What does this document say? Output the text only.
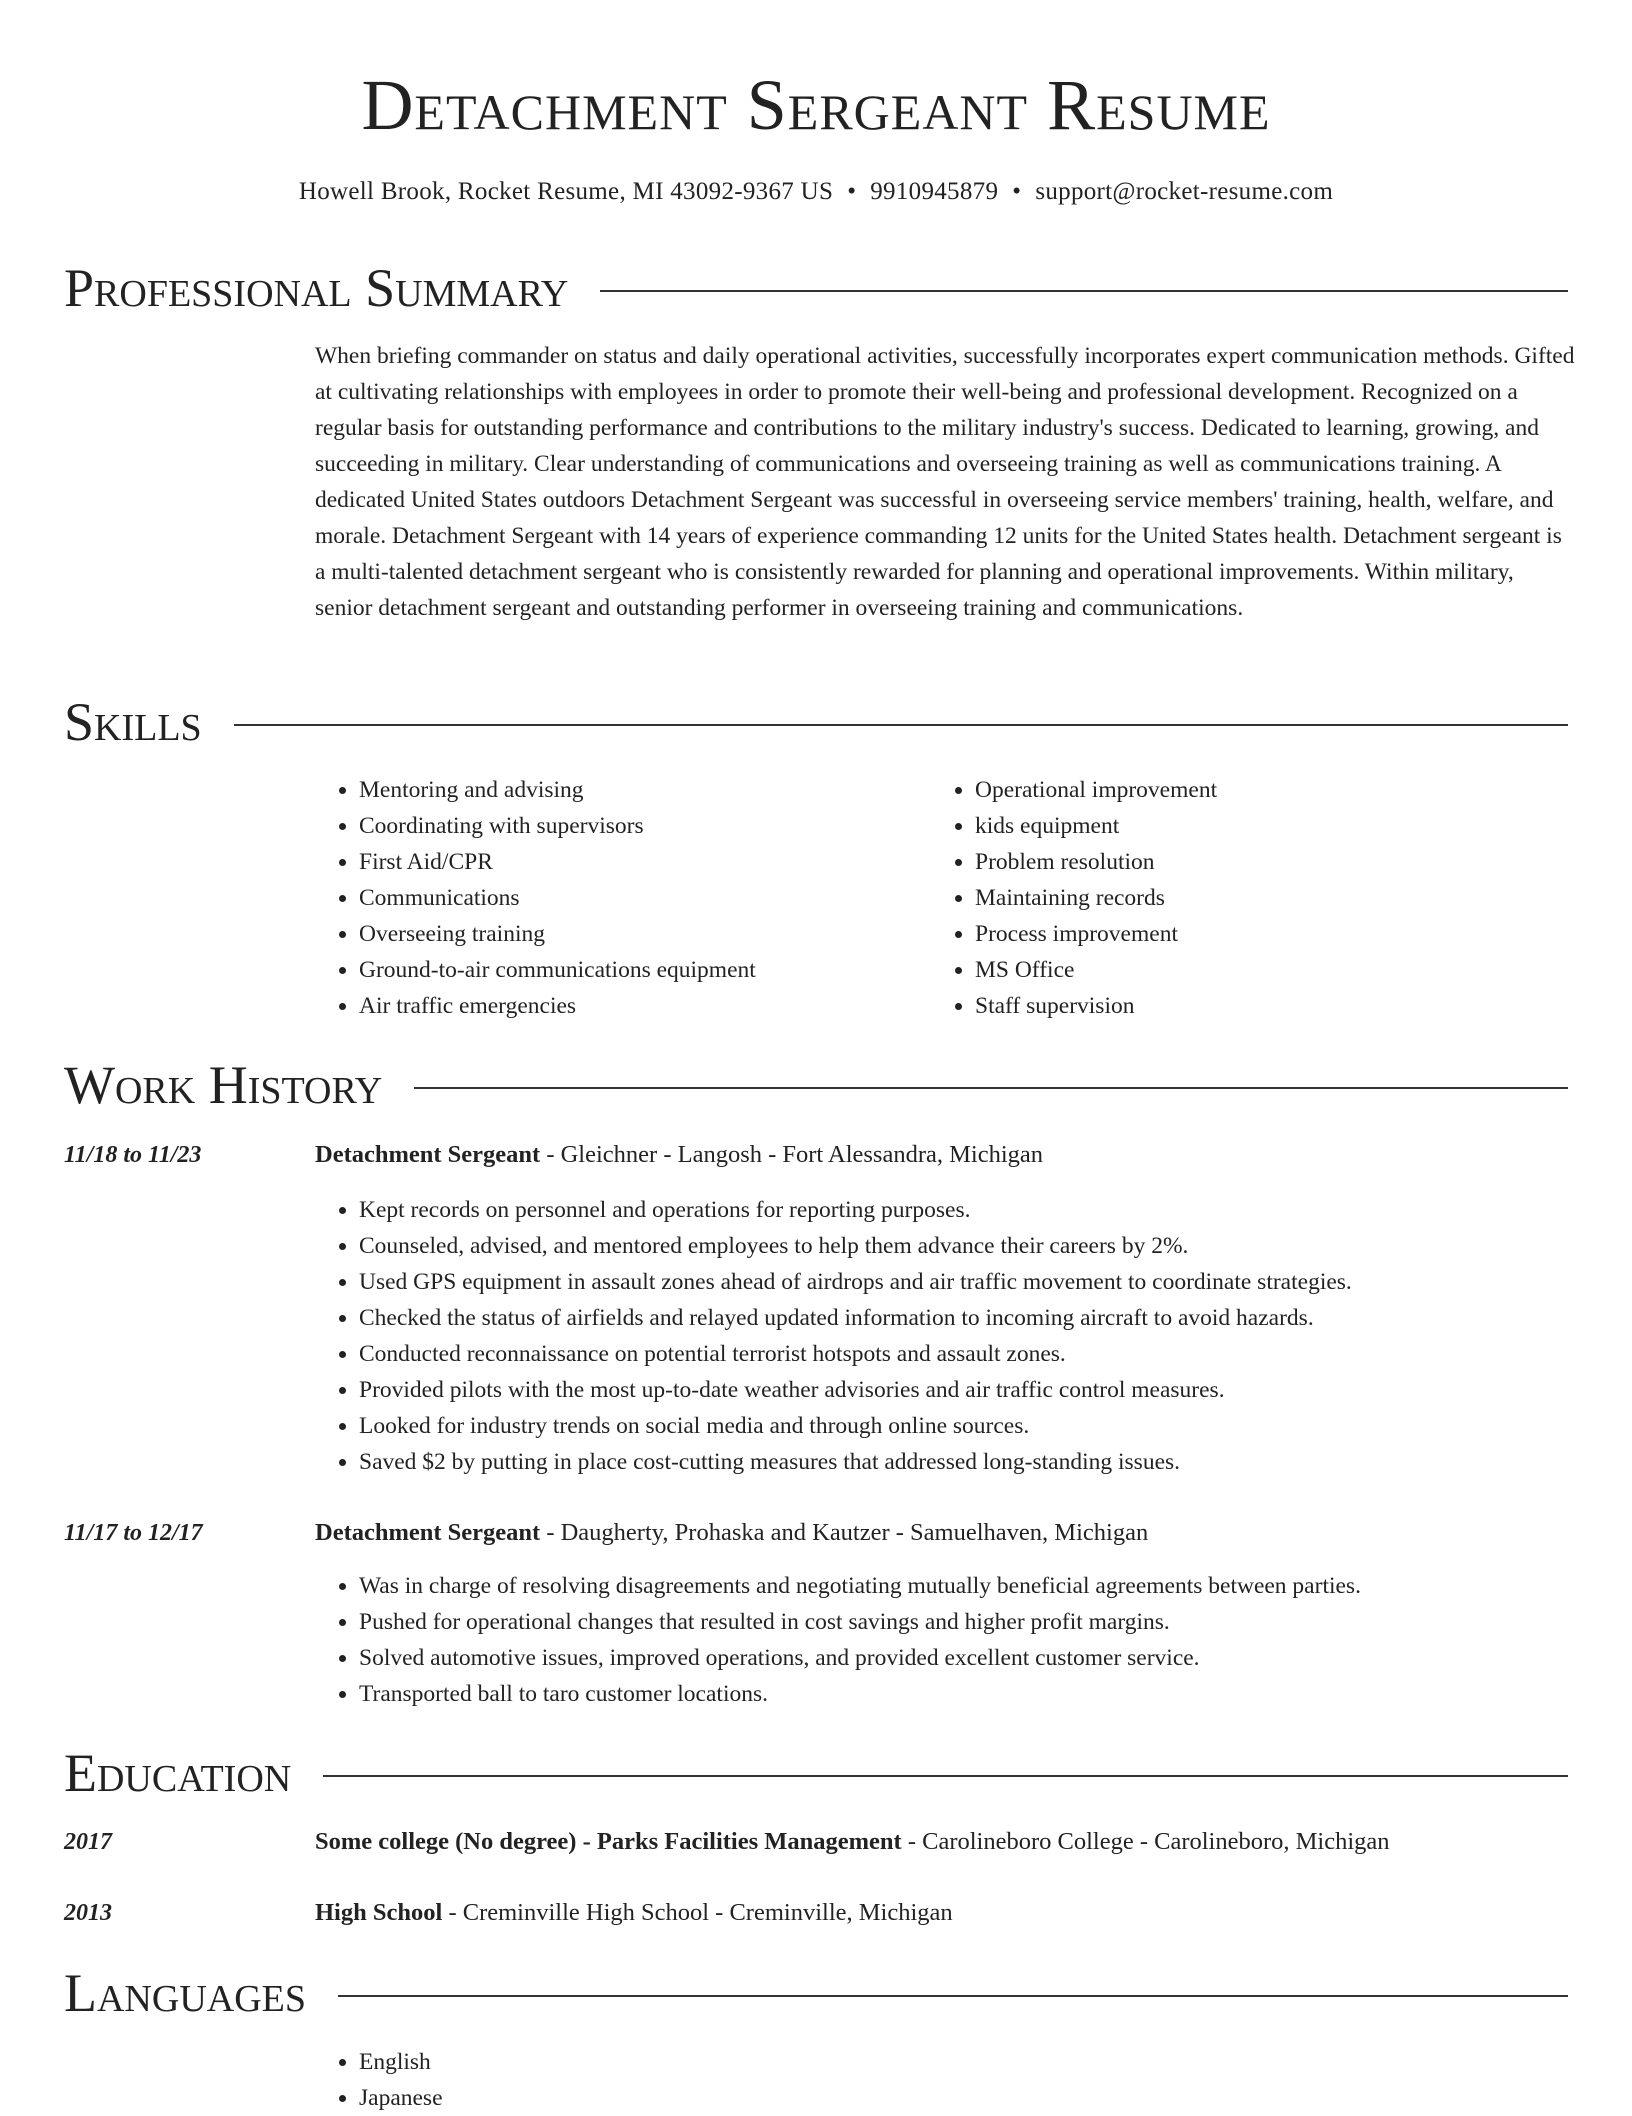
Detachment Sergeant Resume
Howell Brook, Rocket Resume, MI 43092-9367 US • 9910945879 • support@rocket-resume.com
Professional Summary

When briefing commander on status and daily operational activities, successfully incorporates expert communication methods. Gifted at cultivating relationships with employees in order to promote their well-being and professional development. Recognized on a regular basis for outstanding performance and contributions to the military industry's success. Dedicated to learning, growing, and succeeding in military. Clear understanding of communications and overseeing training as well as communications training. A dedicated United States outdoors Detachment Sergeant was successful in overseeing service members' training, health, welfare, and morale. Detachment Sergeant with 14 years of experience commanding 12 units for the United States health. Detachment sergeant is a multi-talented detachment sergeant who is consistently rewarded for planning and operational improvements. Within military, senior detachment sergeant and outstanding performer in overseeing training and communications.

Skills
• Mentoring and advising
• Coordinating with supervisors
• First Aid/CPR
• Communications
• Overseeing training
• Ground-to-air communications equipment
• Air traffic emergencies
• Operational improvement
• kids equipment
• Problem resolution
• Maintaining records
• Process improvement
• MS Office
• Staff supervision
Work History
11/18 to 11/23	Detachment Sergeant - Gleichner - Langosh - Fort Alessandra, Michigan
• Kept records on personnel and operations for reporting purposes.
• Counseled, advised, and mentored employees to help them advance their careers by 2%.
• Used GPS equipment in assault zones ahead of airdrops and air traffic movement to coordinate strategies.
• Checked the status of airfields and relayed updated information to incoming aircraft to avoid hazards.
• Conducted reconnaissance on potential terrorist hotspots and assault zones.
• Provided pilots with the most up-to-date weather advisories and air traffic control measures.
• Looked for industry trends on social media and through online sources.
• Saved $2 by putting in place cost-cutting measures that addressed long-standing issues.
11/17 to 12/17	Detachment Sergeant - Daugherty, Prohaska and Kautzer - Samuelhaven, Michigan
• Was in charge of resolving disagreements and negotiating mutually beneficial agreements between parties.
• Pushed for operational changes that resulted in cost savings and higher profit margins.
• Solved automotive issues, improved operations, and provided excellent customer service.
• Transported ball to taro customer locations.
Education
2017	Some college (No degree) - Parks Facilities Management - Carolineboro College - Carolineboro, Michigan
2013	High School - Creminville High School - Creminville, Michigan
Languages
• English
• Japanese
